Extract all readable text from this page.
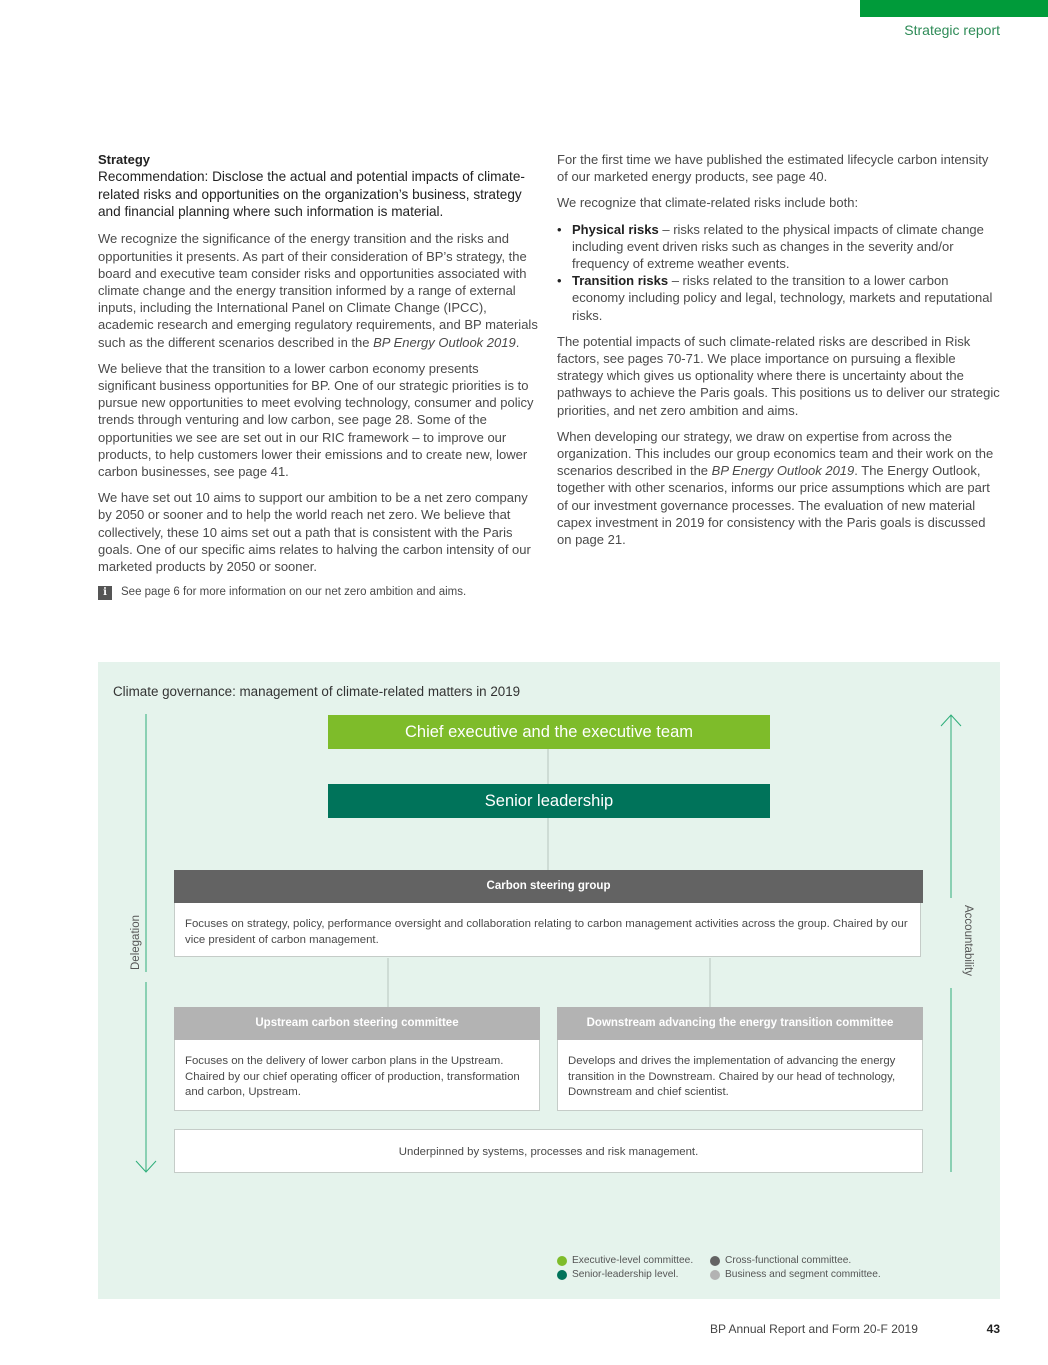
Strategic report
Strategy

Recommendation: Disclose the actual and potential impacts of climate-related risks and opportunities on the organization’s business, strategy and financial planning where such information is material.

We recognize the significance of the energy transition and the risks and opportunities it presents. As part of their consideration of BP’s strategy, the board and executive team consider risks and opportunities associated with climate change and the energy transition informed by a range of external inputs, including the International Panel on Climate Change (IPCC), academic research and emerging regulatory requirements, and BP materials such as the different scenarios described in the BP Energy Outlook 2019.

We believe that the transition to a lower carbon economy presents significant business opportunities for BP. One of our strategic priorities is to pursue new opportunities to meet evolving technology, consumer and policy trends through venturing and low carbon, see page 28. Some of the opportunities we see are set out in our RIC framework – to improve our products, to help customers lower their emissions and to create new, lower carbon businesses, see page 41.

We have set out 10 aims to support our ambition to be a net zero company by 2050 or sooner and to help the world reach net zero. We believe that collectively, these 10 aims set out a path that is consistent with the Paris goals. One of our specific aims relates to halving the carbon intensity of our marketed products by 2050 or sooner.

i	See page 6 for more information on our net zero ambition and aims.

For the first time we have published the estimated lifecycle carbon intensity of our marketed energy products, see page 40.

We recognize that climate-related risks include both:

• Physical risks – risks related to the physical impacts of climate change including event driven risks such as changes in the severity and/or frequency of extreme weather events.
• Transition risks – risks related to the transition to a lower carbon economy including policy and legal, technology, markets and reputational risks.

The potential impacts of such climate-related risks are described in Risk factors, see pages 70-71. We place importance on pursuing a flexible strategy which gives us optionality where there is uncertainty about the pathways to achieve the Paris goals. This positions us to deliver our strategic priorities, and net zero ambition and aims.

When developing our strategy, we draw on expertise from across the organization. This includes our group economics team and their work on the scenarios described in the BP Energy Outlook 2019. The Energy Outlook, together with other scenarios, informs our price assumptions which are part of our investment governance processes. The evaluation of new material capex investment in 2019 for consistency with the Paris goals is discussed on page 21.

Climate governance: management of climate-related matters in 2019
Chief executive and the executive team
Senior leadership
Carbon steering group
Focuses on strategy, policy, performance oversight and collaboration relating to carbon management activities across the group. Chaired by our vice president of carbon management.
Upstream carbon steering committee
Focuses on the delivery of lower carbon plans in the Upstream. Chaired by our chief operating officer of production, transformation and carbon, Upstream.
Downstream advancing the energy transition committee
Develops and drives the implementation of advancing the energy transition in the Downstream. Chaired by our head of technology, Downstream and chief scientist.
Underpinned by systems, processes and risk management.
Delegation	Accountability
Executive-level committee.	Cross-functional committee.
Senior-leadership level.	Business and segment committee.
BP Annual Report and Form 20-F 2019	43
